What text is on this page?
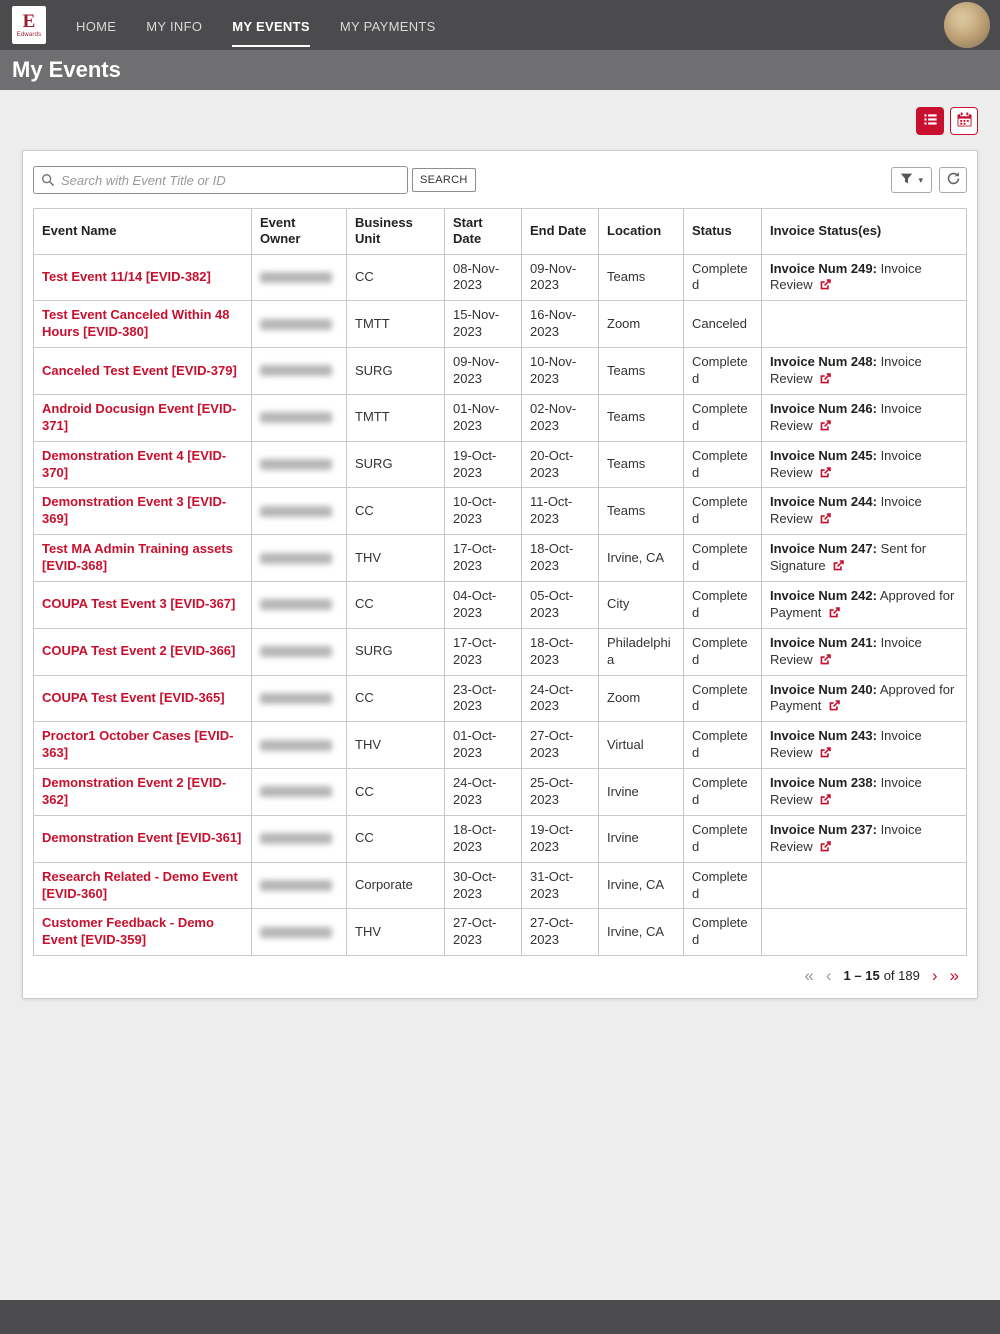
E
Edwards
HOME MY INFO MY EVENTS MY PAYMENTS
My Events
Search with Event Title or ID
SEARCH	▾
Event Name	Event Owner	Business Unit	Start Date	End Date	Location	Status	Invoice Status(es)
Test Event 11/14 [EVID-382]		CC	08-Nov-2023	09-Nov-2023	Teams	Completed	Invoice Num 249: Invoice Review
Test Event Canceled Within 48 Hours [EVID-380]		TMTT	15-Nov-2023	16-Nov-2023	Zoom	Canceled	
Canceled Test Event [EVID-379]		SURG	09-Nov-2023	10-Nov-2023	Teams	Completed	Invoice Num 248: Invoice Review
Android Docusign Event [EVID-371]		TMTT	01-Nov-2023	02-Nov-2023	Teams	Completed	Invoice Num 246: Invoice Review
Demonstration Event 4 [EVID-370]		SURG	19-Oct-2023	20-Oct-2023	Teams	Completed	Invoice Num 245: Invoice Review
Demonstration Event 3 [EVID-369]		CC	10-Oct-2023	11-Oct-2023	Teams	Completed	Invoice Num 244: Invoice Review
Test MA Admin Training assets [EVID-368]		THV	17-Oct-2023	18-Oct-2023	Irvine, CA	Completed	Invoice Num 247: Sent for Signature
COUPA Test Event 3 [EVID-367]		CC	04-Oct-2023	05-Oct-2023	City	Completed	Invoice Num 242: Approved for Payment
COUPA Test Event 2 [EVID-366]		SURG	17-Oct-2023	18-Oct-2023	Philadelphia	Completed	Invoice Num 241: Invoice Review
COUPA Test Event [EVID-365]		CC	23-Oct-2023	24-Oct-2023	Zoom	Completed	Invoice Num 240: Approved for Payment
Proctor1 October Cases [EVID-363]		THV	01-Oct-2023	27-Oct-2023	Virtual	Completed	Invoice Num 243: Invoice Review
Demonstration Event 2 [EVID-362]		CC	24-Oct-2023	25-Oct-2023	Irvine	Completed	Invoice Num 238: Invoice Review
Demonstration Event [EVID-361]		CC	18-Oct-2023	19-Oct-2023	Irvine	Completed	Invoice Num 237: Invoice Review
Research Related - Demo Event [EVID-360]		Corporate	30-Oct-2023	31-Oct-2023	Irvine, CA	Completed	
Customer Feedback - Demo Event [EVID-359]		THV	27-Oct-2023	27-Oct-2023	Irvine, CA	Completed	
« ‹ 1 – 15 of 189 › »
